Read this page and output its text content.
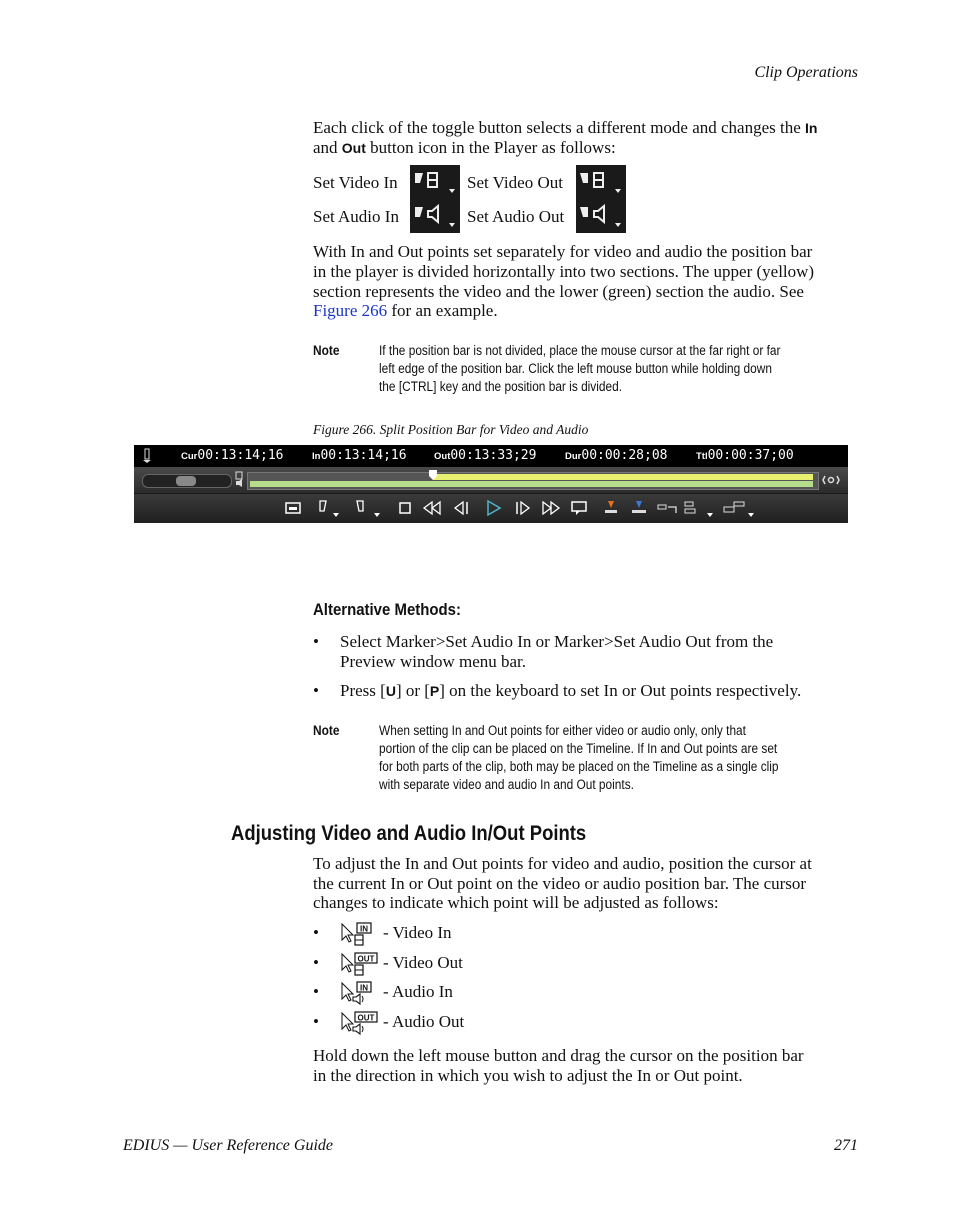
Clip Operations
Each click of the toggle button selects a different mode and changes the In
and Out button icon in the Player as follows:
Set Video In	Set Video Out
Set Audio In	Set Audio Out
With In and Out points set separately for video and audio the position bar
in the player is divided horizontally into two sections. The upper (yellow)
section represents the video and the lower (green) section the audio. See
Figure 266 for an example.
Note	If the position bar is not divided, place the mouse cursor at the far right or far
left edge of the position bar. Click the left mouse button while holding down
the [CTRL] key and the position bar is divided.
Figure 266. Split Position Bar for Video and Audio
Cur00:13:14;16	In00:13:14;16	Out00:13:33;29	Dur00:00:28;08	Ttl00:00:37;00
Alternative Methods:
• Select Marker>Set Audio In or Marker>Set Audio Out from the
Preview window menu bar.
• Press [U] or [P] on the keyboard to set In or Out points respectively.
Note	When setting In and Out points for either video or audio only, only that
portion of the clip can be placed on the Timeline. If In and Out points are set
for both parts of the clip, both may be placed on the Timeline as a single clip
with separate video and audio In and Out points.
Adjusting Video and Audio In/Out Points
To adjust the In and Out points for video and audio, position the cursor at
the current In or Out point on the video or audio position bar. The cursor
changes to indicate which point will be adjusted as follows:
•	IN - Video In
•	OUT - Video Out
•	IN - Audio In
•	OUT - Audio Out
Hold down the left mouse button and drag the cursor on the position bar
in the direction in which you wish to adjust the In or Out point.
EDIUS — User Reference Guide	271
